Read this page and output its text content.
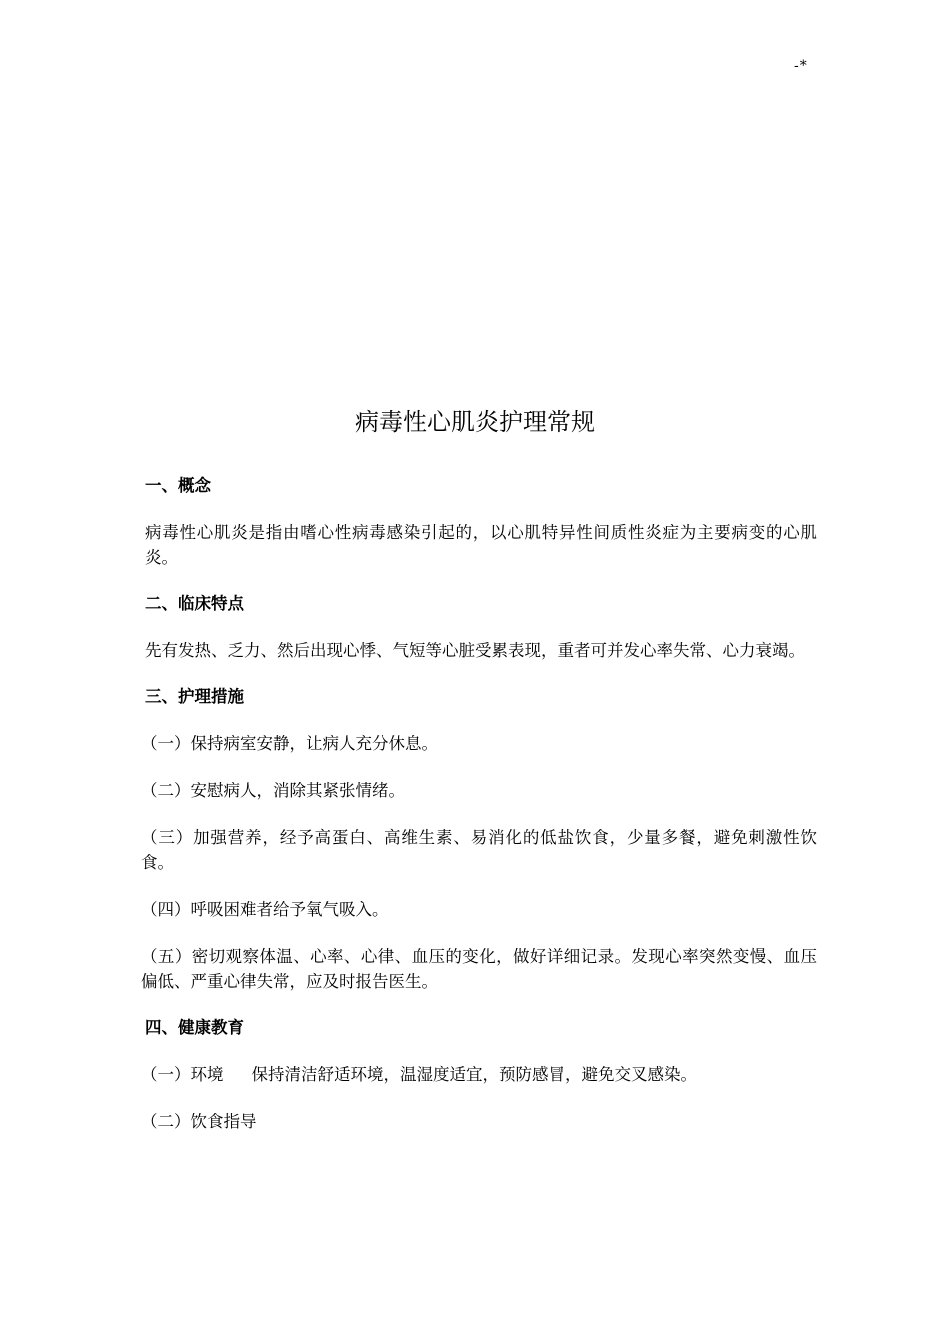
-*
病毒性心肌炎护理常规
一、概念

病毒性心肌炎是指由嗜心性病毒感染引起的，以心肌特异性间质性炎症为主要病变的心肌炎。

二、临床特点

先有发热、乏力、然后出现心悸、气短等心脏受累表现，重者可并发心率失常、心力衰竭。

三、护理措施

（一）保持病室安静，让病人充分休息。

（二）安慰病人，消除其紧张情绪。

（三）加强营养，经予高蛋白、高维生素、易消化的低盐饮食，少量多餐，避免刺激性饮食。

（四）呼吸困难者给予氧气吸入。

（五）密切观察体温、心率、心律、血压的变化，做好详细记录。发现心率突然变慢、血压偏低、严重心律失常，应及时报告医生。

四、健康教育

（一）环境 保持清洁舒适环境，温湿度适宜，预防感冒，避免交叉感染。

（二）饮食指导
